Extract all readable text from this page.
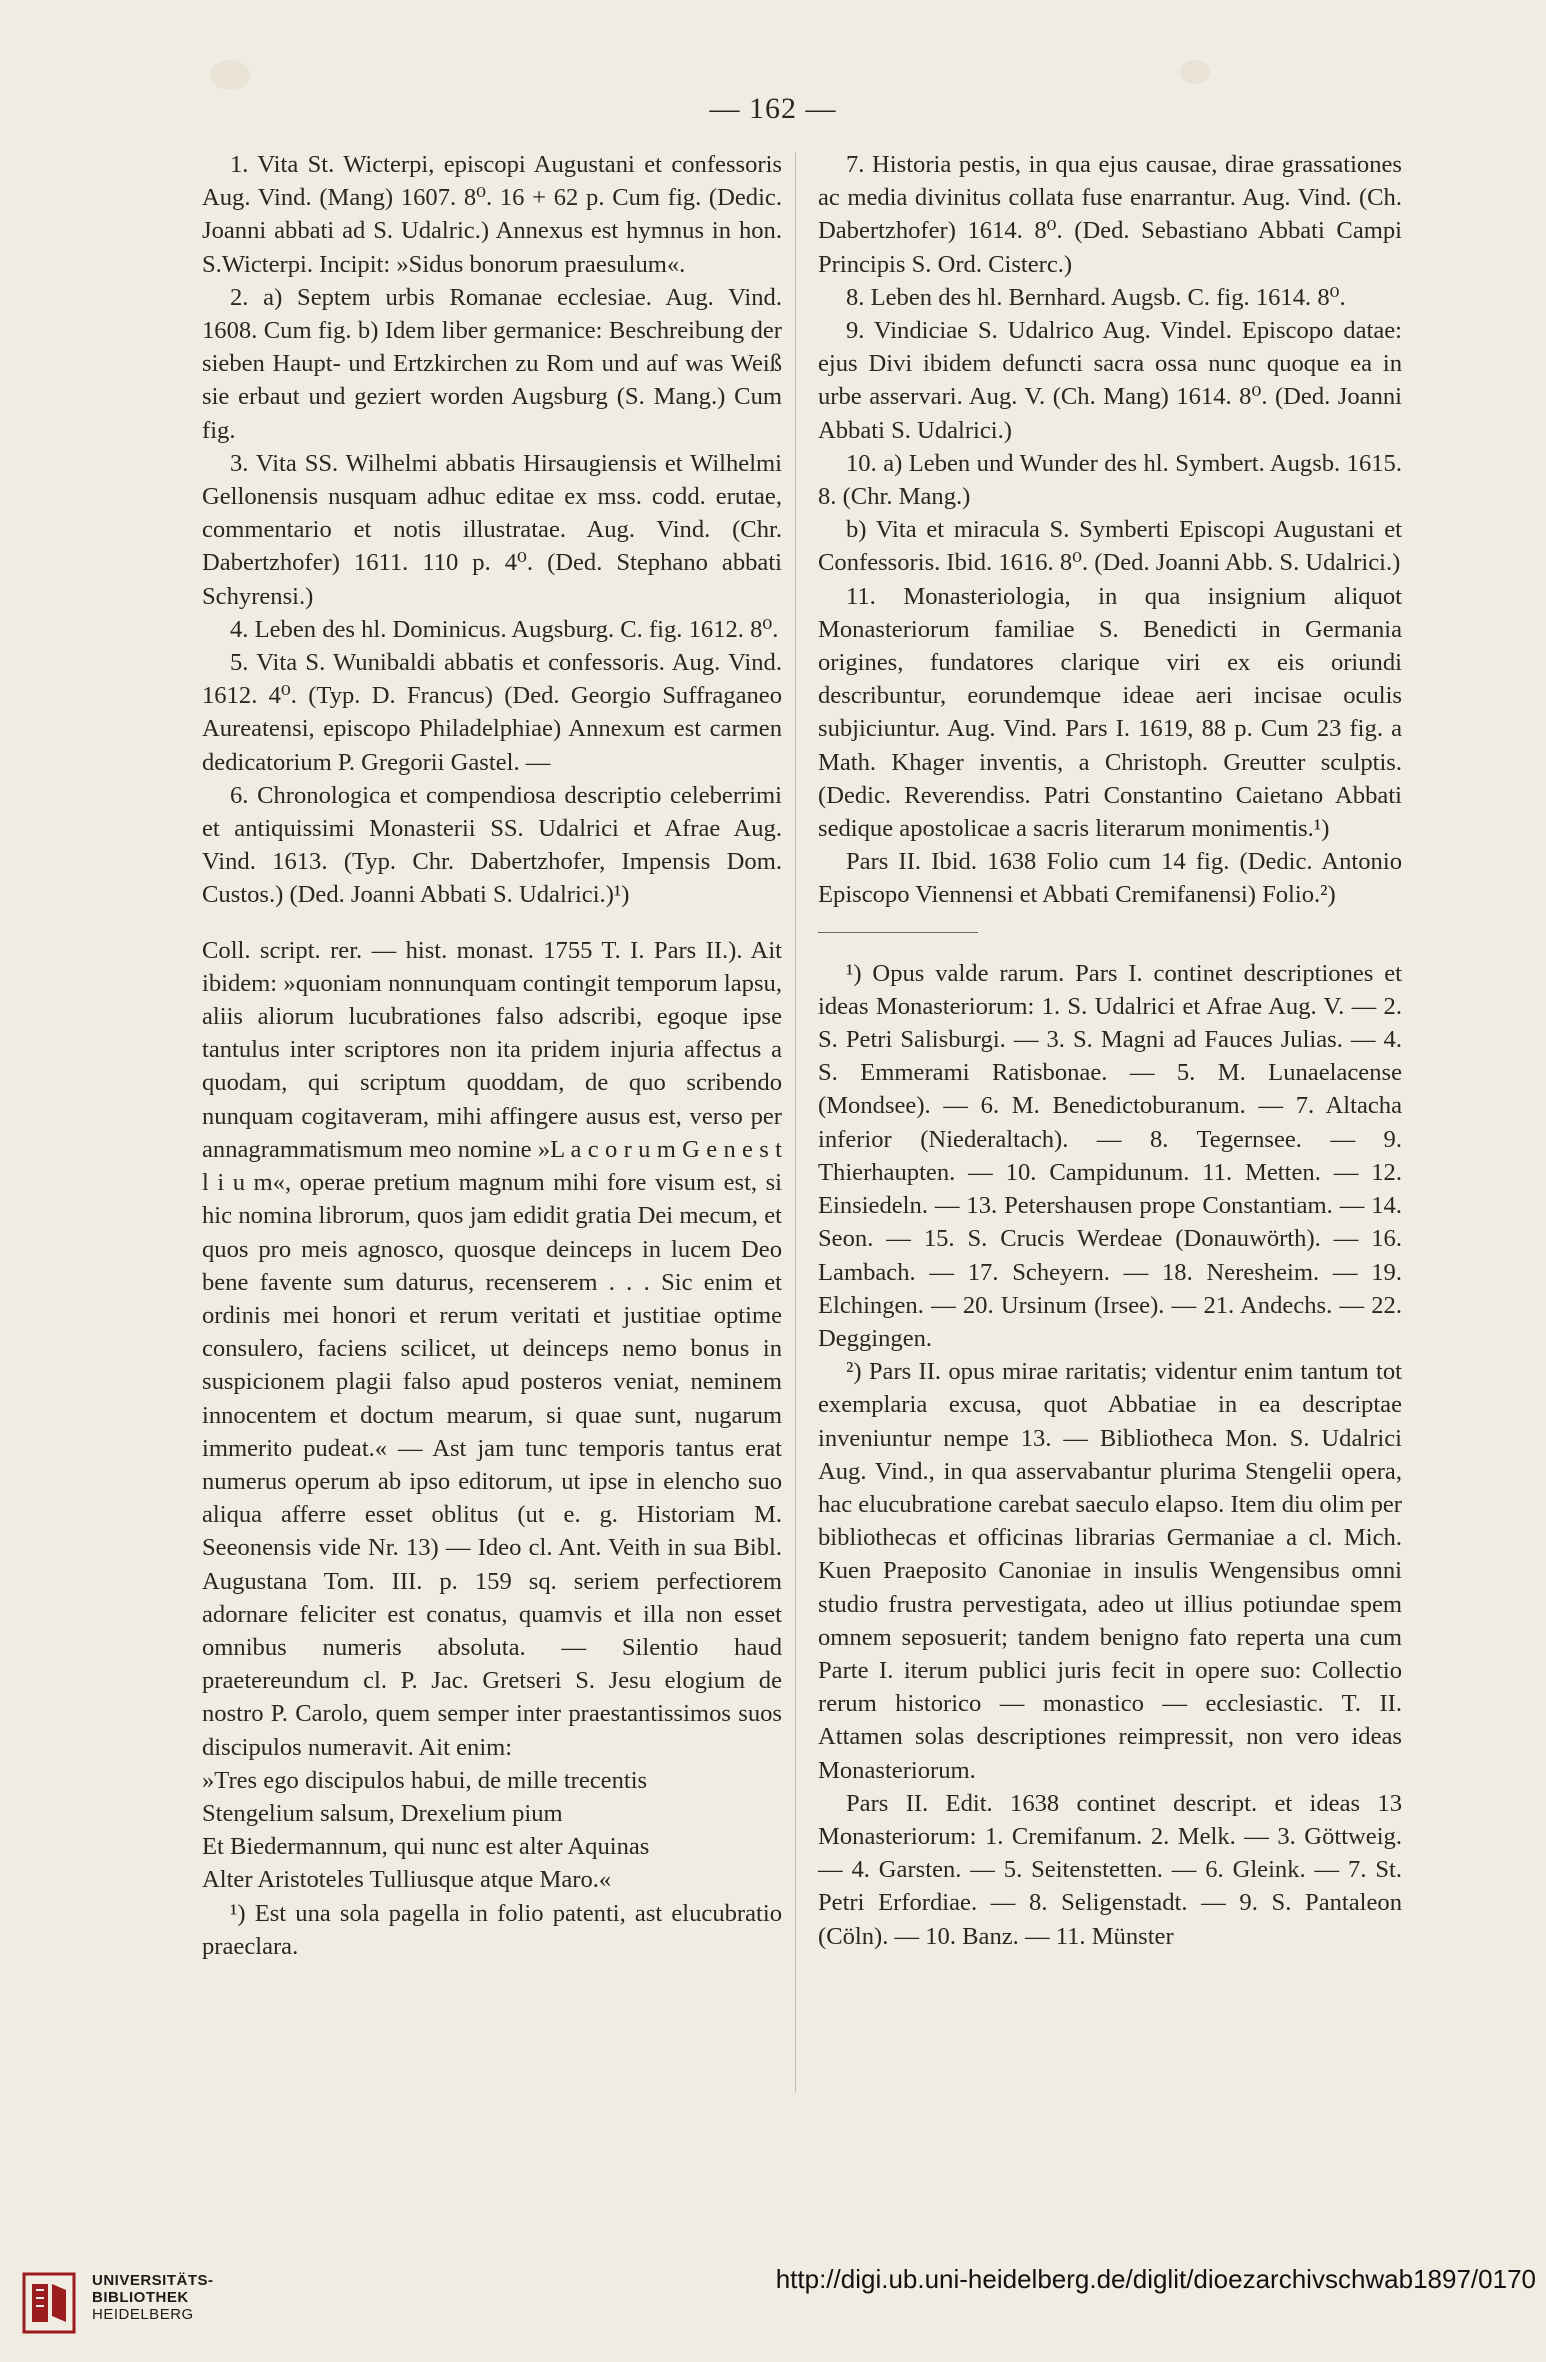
— 162 —

1. Vita St. Wicterpi, episcopi Augustani et confessoris Aug. Vind. (Mang) 1607. 8⁰. 16 + 62 p. Cum fig. (Dedic. Joanni abbati ad S. Udalric.) Annexus est hymnus in hon. S.Wicterpi. Incipit: »Sidus bonorum praesulum«.

2. a) Septem urbis Romanae ecclesiae. Aug. Vind. 1608. Cum fig. b) Idem liber germanice: Beschreibung der sieben Haupt- und Ertzkirchen zu Rom und auf was Weiß sie erbaut und geziert worden Augsburg (S. Mang.) Cum fig.

3. Vita SS. Wilhelmi abbatis Hirsaugiensis et Wilhelmi Gellonensis nusquam adhuc editae ex mss. codd. erutae, commentario et notis illustratae. Aug. Vind. (Chr. Dabertzhofer) 1611. 110 p. 4⁰. (Ded. Stephano abbati Schyrensi.)

4. Leben des hl. Dominicus. Augsburg. C. fig. 1612. 8⁰.

5. Vita S. Wunibaldi abbatis et confessoris. Aug. Vind. 1612. 4⁰. (Typ. D. Francus) (Ded. Georgio Suffraganeo Aureatensi, episcopo Philadelphiae) Annexum est carmen dedicatorium P. Gregorii Gastel. —

6. Chronologica et compendiosa descriptio celeberrimi et antiquissimi Monasterii SS. Udalrici et Afrae Aug. Vind. 1613. (Typ. Chr. Dabertzhofer, Impensis Dom. Custos.) (Ded. Joanni Abbati S. Udalrici.)¹)

Coll. script. rer. — hist. monast. 1755 T. I. Pars II.). Ait ibidem: »quoniam nonnunquam contingit temporum lapsu, aliis aliorum lucubrationes falso adscribi, egoque ipse tantulus inter scriptores non ita pridem injuria affectus a quodam, qui scriptum quoddam, de quo scribendo nunquam cogitaveram, mihi affingere ausus est, verso per annagrammatismum meo nomine »L a c o r u m G e n e s t l i u m«, operae pretium magnum mihi fore visum est, si hic nomina librorum, quos jam edidit gratia Dei mecum, et quos pro meis agnosco, quosque deinceps in lucem Deo bene favente sum daturus, recenserem . . . Sic enim et ordinis mei honori et rerum veritati et justitiae optime consulero, faciens scilicet, ut deinceps nemo bonus in suspicionem plagii falso apud posteros veniat, neminem innocentem et doctum mearum, si quae sunt, nugarum immerito pudeat.« — Ast jam tunc temporis tantus erat numerus operum ab ipso editorum, ut ipse in elencho suo aliqua afferre esset oblitus (ut e. g. Historiam M. Seeonensis vide Nr. 13) — Ideo cl. Ant. Veith in sua Bibl. Augustana Tom. III. p. 159 sq. seriem perfectiorem adornare feliciter est conatus, quamvis et illa non esset omnibus numeris absoluta. — Silentio haud praetereundum cl. P. Jac. Gretseri S. Jesu elogium de nostro P. Carolo, quem semper inter praestantissimos suos discipulos numeravit. Ait enim:

»Tres ego discipulos habui, de mille trecentis

Stengelium salsum, Drexelium pium

Et Biedermannum, qui nunc est alter Aquinas

Alter Aristoteles Tulliusque atque Maro.«

¹) Est una sola pagella in folio patenti, ast elucubratio praeclara.

7. Historia pestis, in qua ejus causae, dirae grassationes ac media divinitus collata fuse enarrantur. Aug. Vind. (Ch. Dabertzhofer) 1614. 8⁰. (Ded. Sebastiano Abbati Campi Principis S. Ord. Cisterc.)

8. Leben des hl. Bernhard. Augsb. C. fig. 1614. 8⁰.

9. Vindiciae S. Udalrico Aug. Vindel. Episcopo datae: ejus Divi ibidem defuncti sacra ossa nunc quoque ea in urbe asservari. Aug. V. (Ch. Mang) 1614. 8⁰. (Ded. Joanni Abbati S. Udalrici.)

10. a) Leben und Wunder des hl. Symbert. Augsb. 1615. 8. (Chr. Mang.)

b) Vita et miracula S. Symberti Episcopi Augustani et Confessoris. Ibid. 1616. 8⁰. (Ded. Joanni Abb. S. Udalrici.)

11. Monasteriologia, in qua insignium aliquot Monasteriorum familiae S. Benedicti in Germania origines, fundatores clarique viri ex eis oriundi describuntur, eorundemque ideae aeri incisae oculis subjiciuntur. Aug. Vind. Pars I. 1619, 88 p. Cum 23 fig. a Math. Khager inventis, a Christoph. Greutter sculptis. (Dedic. Reverendiss. Patri Constantino Caietano Abbati sedique apostolicae a sacris literarum monimentis.¹)

Pars II. Ibid. 1638 Folio cum 14 fig. (Dedic. Antonio Episcopo Viennensi et Abbati Cremifanensi) Folio.²)

¹) Opus valde rarum. Pars I. continet descriptiones et ideas Monasteriorum: 1. S. Udalrici et Afrae Aug. V. — 2. S. Petri Salisburgi. — 3. S. Magni ad Fauces Julias. — 4. S. Emmerami Ratisbonae. — 5. M. Lunaelacense (Mondsee). — 6. M. Benedictoburanum. — 7. Altacha inferior (Niederaltach). — 8. Tegernsee. — 9. Thierhaupten. — 10. Campidunum. 11. Metten. — 12. Einsiedeln. — 13. Petershausen prope Constantiam. — 14. Seon. — 15. S. Crucis Werdeae (Donauwörth). — 16. Lambach. — 17. Scheyern. — 18. Neresheim. — 19. Elchingen. — 20. Ursinum (Irsee). — 21. Andechs. — 22. Deggingen.

²) Pars II. opus mirae raritatis; videntur enim tantum tot exemplaria excusa, quot Abbatiae in ea descriptae inveniuntur nempe 13. — Bibliotheca Mon. S. Udalrici Aug. Vind., in qua asservabantur plurima Stengelii opera, hac elucubratione carebat saeculo elapso. Item diu olim per bibliothecas et officinas librarias Germaniae a cl. Mich. Kuen Praeposito Canoniae in insulis Wengensibus omni studio frustra pervestigata, adeo ut illius potiundae spem omnem seposuerit; tandem benigno fato reperta una cum Parte I. iterum publici juris fecit in opere suo: Collectio rerum historico — monastico — ecclesiastic. T. II. Attamen solas descriptiones reimpressit, non vero ideas Monasteriorum.

Pars II. Edit. 1638 continet descript. et ideas 13 Monasteriorum: 1. Cremifanum. 2. Melk. — 3. Göttweig. — 4. Garsten. — 5. Seitenstetten. — 6. Gleink. — 7. St. Petri Erfordiae. — 8. Seligenstadt. — 9. S. Pantaleon (Cöln). — 10. Banz. — 11. Münster

UNIVERSITÄTS-
BIBLIOTHEK
HEIDELBERG
http://digi.ub.uni-heidelberg.de/diglit/dioezarchivschwab1897/0170
